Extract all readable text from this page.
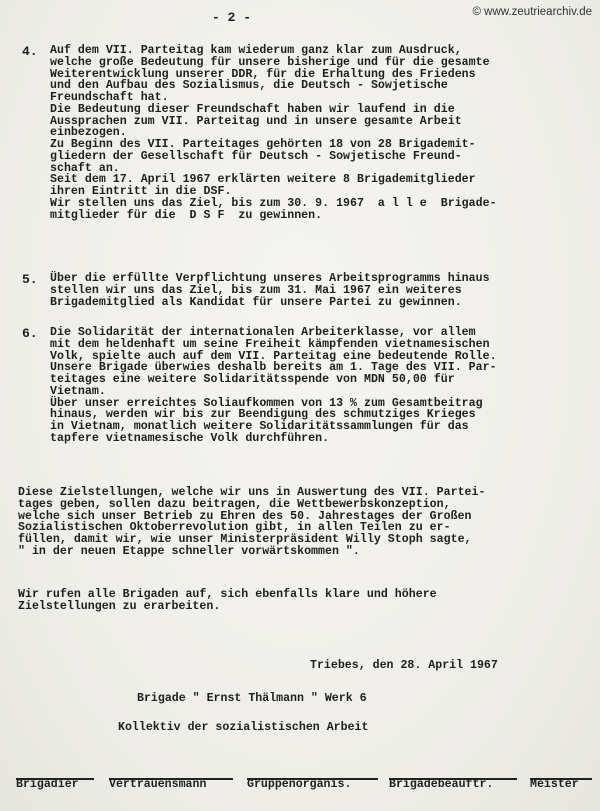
© www.zeutriearchiv.de
- 2 -
4. Auf dem VII. Parteitag kam wiederum ganz klar zum Ausdruck,
welche große Bedeutung für unsere bisherige und für die gesamte
Weiterentwicklung unserer DDR, für die Erhaltung des Friedens
und den Aufbau des Sozialismus, die Deutsch - Sowjetische
Freundschaft hat.
Die Bedeutung dieser Freundschaft haben wir laufend in die
Aussprachen zum VII. Parteitag und in unsere gesamte Arbeit
einbezogen.
Zu Beginn des VII. Parteitages gehörten 18 von 28 Brigademit-
gliedern der Gesellschaft für Deutsch - Sowjetische Freund-
schaft an.
Seit dem 17. April 1967 erklärten weitere 8 Brigademitglieder
ihren Eintritt in die DSF.
Wir stellen uns das Ziel, bis zum 30. 9. 1967  a l l e  Brigade-
mitglieder für die  D S F  zu gewinnen.
5. Über die erfüllte Verpflichtung unseres Arbeitsprogramms hinaus
stellen wir uns das Ziel, bis zum 31. Mai 1967 ein weiteres
Brigademitglied als Kandidat für unsere Partei zu gewinnen.
6. Die Solidarität der internationalen Arbeiterklasse, vor allem
mit dem heldenhaft um seine Freiheit kämpfenden vietnamesischen
Volk, spielte auch auf dem VII. Parteitag eine bedeutende Rolle.
Unsere Brigade überwies deshalb bereits am 1. Tage des VII. Par-
teitages eine weitere Solidaritätsspende von MDN 50,00 für
Vietnam.
Über unser erreichtes Soliaufkommen von 13 % zum Gesamtbeitrag
hinaus, werden wir bis zur Beendigung des schmutziges Krieges
in Vietnam, monatlich weitere Solidaritätssammlungen für das
tapfere vietnamesische Volk durchführen.
Diese Zielstellungen, welche wir uns in Auswertung des VII. Partei-
tages geben, sollen dazu beitragen, die Wettbewerbskonzeption,
welche sich unser Betrieb zu Ehren des 50. Jahrestages der Großen
Sozialistischen Oktoberrevolution gibt, in allen Teilen zu er-
füllen, damit wir, wie unser Ministerpräsident Willy Stoph sagte,
" in der neuen Etappe schneller vorwärtskommen ".
Wir rufen alle Brigaden auf, sich ebenfalls klare und höhere
Zielstellungen zu erarbeiten.
Triebes, den 28. April 1967
Brigade " Ernst Thälmann " Werk 6
Kollektiv der sozialistischen Arbeit
Brigadier	Vertrauensmann	Gruppenorganis.	Brigadebeauftr.	Meister
